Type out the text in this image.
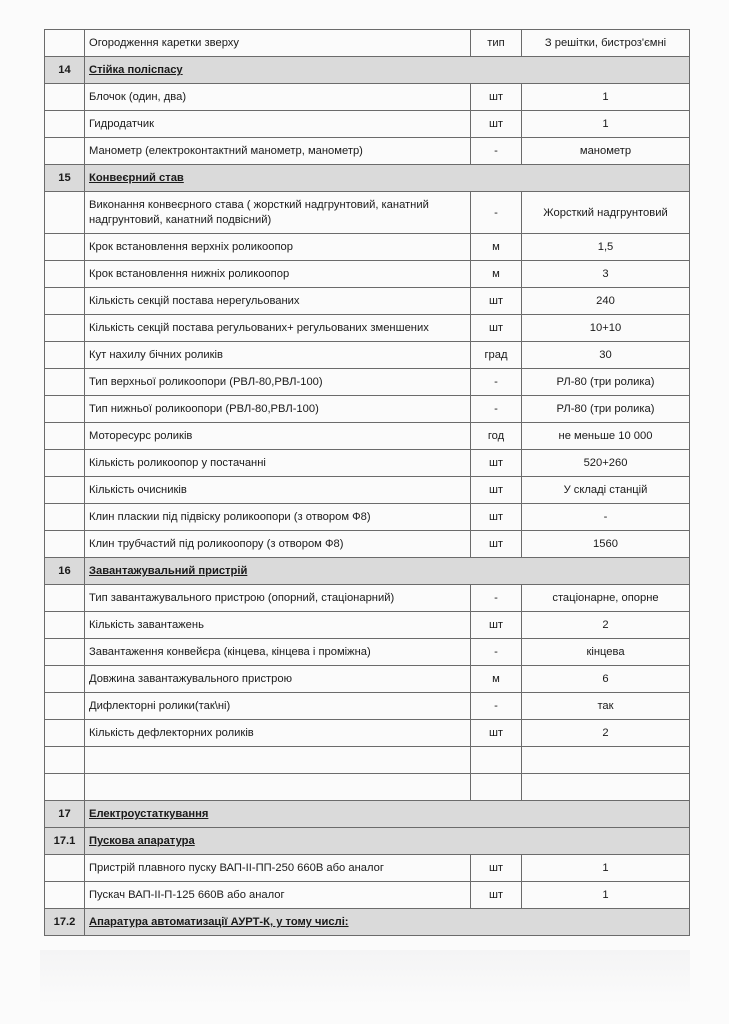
	Огородження каретки зверху	тип	З решітки, бистроз'ємні
14	Стійка поліспасу		
	Блочок (один, два)	шт	1
	Гидродатчик	шт	1
	Манометр (електроконтактний манометр, манометр)	-	манометр
15	Конвеєрний став		
	Виконання конвеєрного става ( жорсткий надгрунтовий, канатний надгрунтовий, канатний подвісний)	-	Жорсткий надгрунтовий
	Крок встановлення верхніх роликоопор	м	1,5
	Крок встановлення нижніх роликоопор	м	3
	Кількість секцій постава нерегульованих	шт	240
	Кількість секцій постава регульованих+ регульованих зменшених	шт	10+10
	Кут нахилу бічних роликів	град	30
	Тип верхньої роликоопори (РВЛ-80,РВЛ-100)	-	РЛ-80 (три ролика)
	Тип нижньої роликоопори (РВЛ-80,РВЛ-100)	-	РЛ-80 (три ролика)
	Моторесурс роликів	год	не меньше 10 000
	Кількість роликоопор у постачанні	шт	520+260
	Кількість очисників	шт	У складі станцій
	Клин пласкии під підвіску роликоопори (з отвором Ф8)	шт	-
	Клин трубчастий під роликоопору (з отвором Ф8)	шт	1560
16	Завантажувальний пристрій		
	Тип завантажувального пристрою (опорний, стаціонарний)	-	стаціонарне, опорне
	Кількість завантажень	шт	2
	Завантаження конвейєра (кінцева, кінцева і проміжна)	-	кінцева
	Довжина завантажувального пристрою	м	6
	Дифлекторні ролики(так\ні)	-	так
	Кількість дефлекторних роликів	шт	2

17	Електроустаткування		
17.1	Пускова апаратура		
	Пристрій плавного пуску ВАП-ІІ-ПП-250 660В або аналог	шт	1
	Пускач ВАП-ІІ-П-125 660В або аналог	шт	1
17.2	Апаратура автоматизації АУРТ-К, у тому числі:		
